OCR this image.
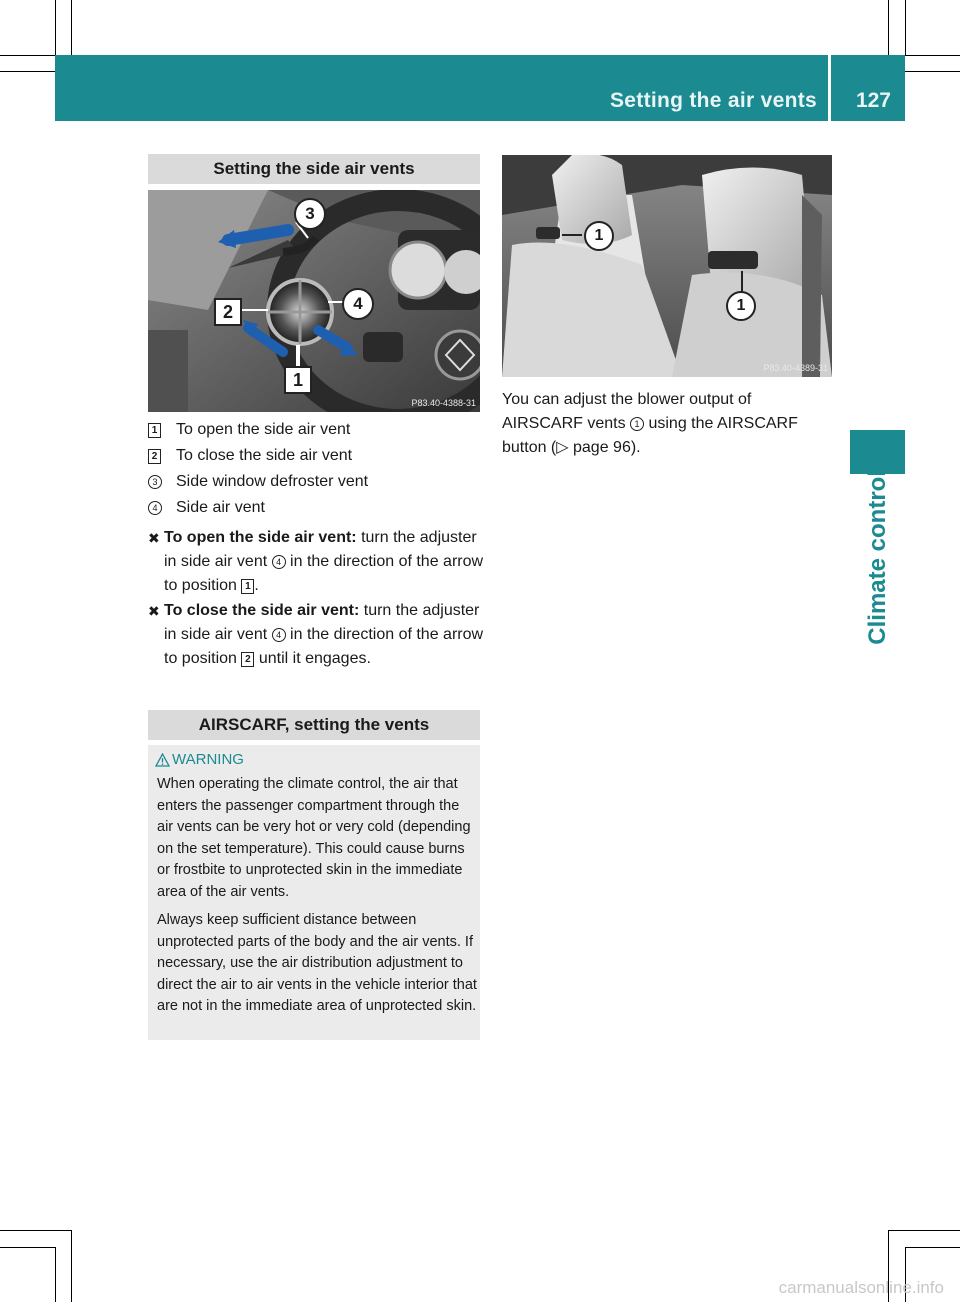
Setting the air vents 127
Climate control
Setting the side air vents
3
2	4
1
P83.40-4388-31
1 To open the side air vent
2 To close the side air vent
3 Side window defroster vent
4 Side air vent
✖ To open the side air vent: turn the adjuster in side air vent 4 in the direction of the arrow to position 1 .
✖ To close the side air vent: turn the adjuster in side air vent 4 in the direction of the arrow to position 2 until it engages.
AIRSCARF, setting the vents
WARNING
When operating the climate control, the air that enters the passenger compartment through the air vents can be very hot or very cold (depending on the set temperature). This could cause burns or frostbite to unprotected skin in the immediate area of the air vents.
Always keep sufficient distance between unprotected parts of the body and the air vents. If necessary, use the air distribution adjustment to direct the air to air vents in the vehicle interior that are not in the immediate area of unprotected skin.
1
1
P83.40-4389-31
You can adjust the blower output of AIRSCARF vents 1 using the AIRSCARF button (▷ page 96).
carmanualsonline.info
